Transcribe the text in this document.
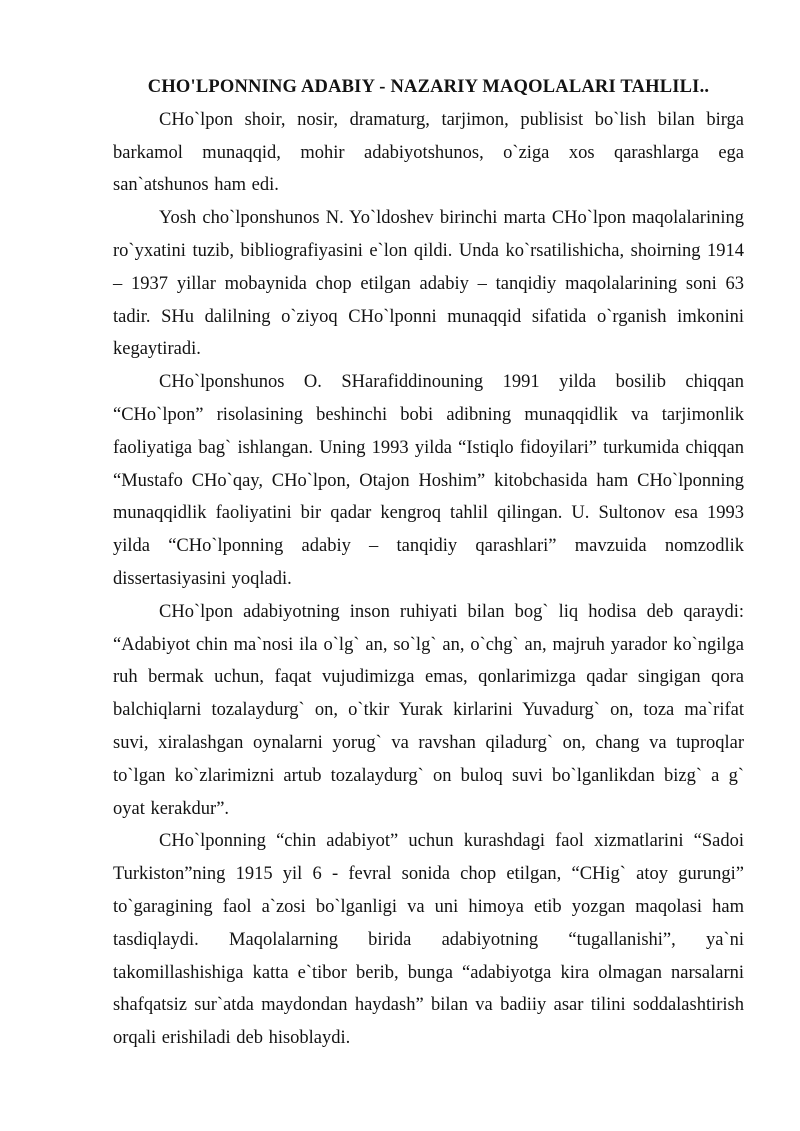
CHO'LPONNING ADABIY - NAZARIY MAQOLALARI TAHLILI..

CHo`lpon shoir, nosir, dramaturg, tarjimon, publisist bo`lish bilan birga barkamol munaqqid, mohir adabiyotshunos, o`ziga xos qarashlarga ega san`atshunos ham edi.

Yosh cho`lponshunos N. Yo`ldoshev birinchi marta CHo`lpon maqolalarining ro`yxatini tuzib, bibliografiyasini e`lon qildi. Unda ko`rsatilishicha, shoirning 1914 – 1937 yillar mobaynida chop etilgan adabiy – tanqidiy maqolalarining soni 63 tadir. SHu dalilning o`ziyoq CHo`lponni munaqqid sifatida o`rganish imkonini kegaytiradi.

CHo`lponshunos O. SHarafiddinouning 1991 yilda bosilib chiqqan “CHo`lpon” risolasining beshinchi bobi adibning munaqqidlik va tarjimonlik faoliyatiga bag` ishlangan. Uning 1993 yilda “Istiqlo fidoyilari” turkumida chiqqan “Mustafo CHo`qay, CHo`lpon, Otajon Hoshim” kitobchasida ham CHo`lponning munaqqidlik faoliyatini bir qadar kengroq tahlil qilingan. U. Sultonov esa 1993 yilda “CHo`lponning adabiy – tanqidiy qarashlari” mavzuida nomzodlik dissertasiyasini yoqladi.

CHo`lpon adabiyotning inson ruhiyati bilan bog` liq hodisa deb qaraydi: “Adabiyot chin ma`nosi ila o`lg` an, so`lg` an, o`chg` an, majruh yarador ko`ngilga ruh bermak uchun, faqat vujudimizga emas, qonlarimizga qadar singigan qora balchiqlarni tozalaydurg` on, o`tkir Yurak kirlarini Yuvadurg` on, toza ma`rifat suvi, xiralashgan oynalarni yorug` va ravshan qiladurg` on, chang va tuproqlar to`lgan ko`zlarimizni artub tozalaydurg` on buloq suvi bo`lganlikdan bizg` a g` oyat kerakdur”.

CHo`lponning “chin adabiyot” uchun kurashdagi faol xizmatlarini “Sadoi Turkiston”ning 1915 yil 6 - fevral sonida chop etilgan, “CHig` atoy gurungi” to`garagining faol a`zosi bo`lganligi va uni himoya etib yozgan maqolasi ham tasdiqlaydi. Maqolalarning birida adabiyotning “tugallanishi”, ya`ni takomillashishiga katta e`tibor berib, bunga “adabiyotga kira olmagan narsalarni shafqatsiz sur`atda maydondan haydash” bilan va badiiy asar tilini soddalashtirish orqali erishiladi deb hisoblaydi.
